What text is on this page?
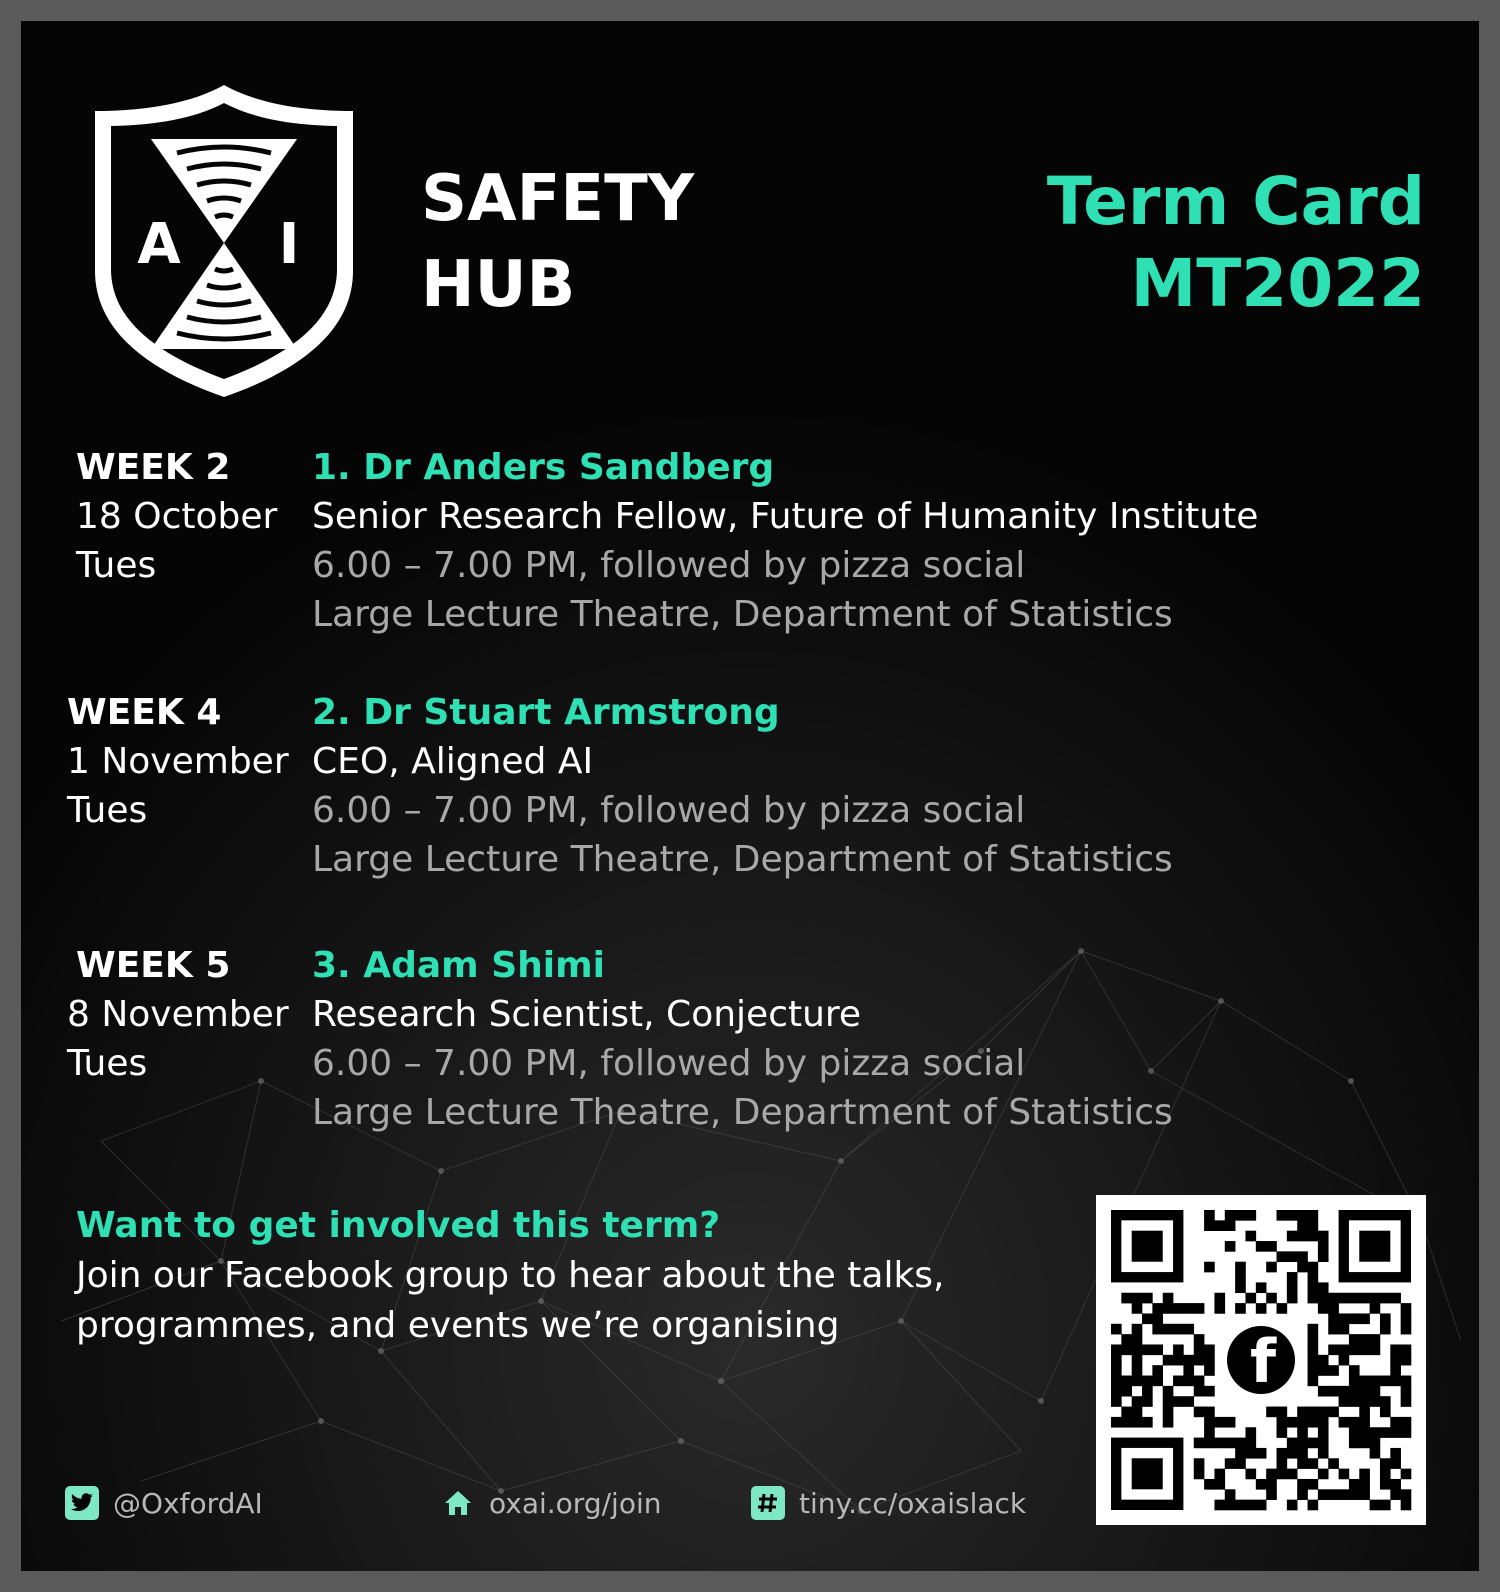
A I
SAFETY
HUB
Term Card
MT2022
WEEK 2
18 October
Tues
1. Dr Anders Sandberg
Senior Research Fellow, Future of Humanity Institute
6.00 – 7.00 PM, followed by pizza social
Large Lecture Theatre, Department of Statistics
WEEK 4
1 November
Tues
2. Dr Stuart Armstrong
CEO, Aligned AI
6.00 – 7.00 PM, followed by pizza social
Large Lecture Theatre, Department of Statistics
WEEK 5
8 November
Tues
3. Adam Shimi
Research Scientist, Conjecture
6.00 – 7.00 PM, followed by pizza social
Large Lecture Theatre, Department of Statistics
Want to get involved this term?
Join our Facebook group to hear about the talks, programmes, and events we’re organising
@OxfordAI	oxai.org/join	tiny.cc/oxaislack
f
